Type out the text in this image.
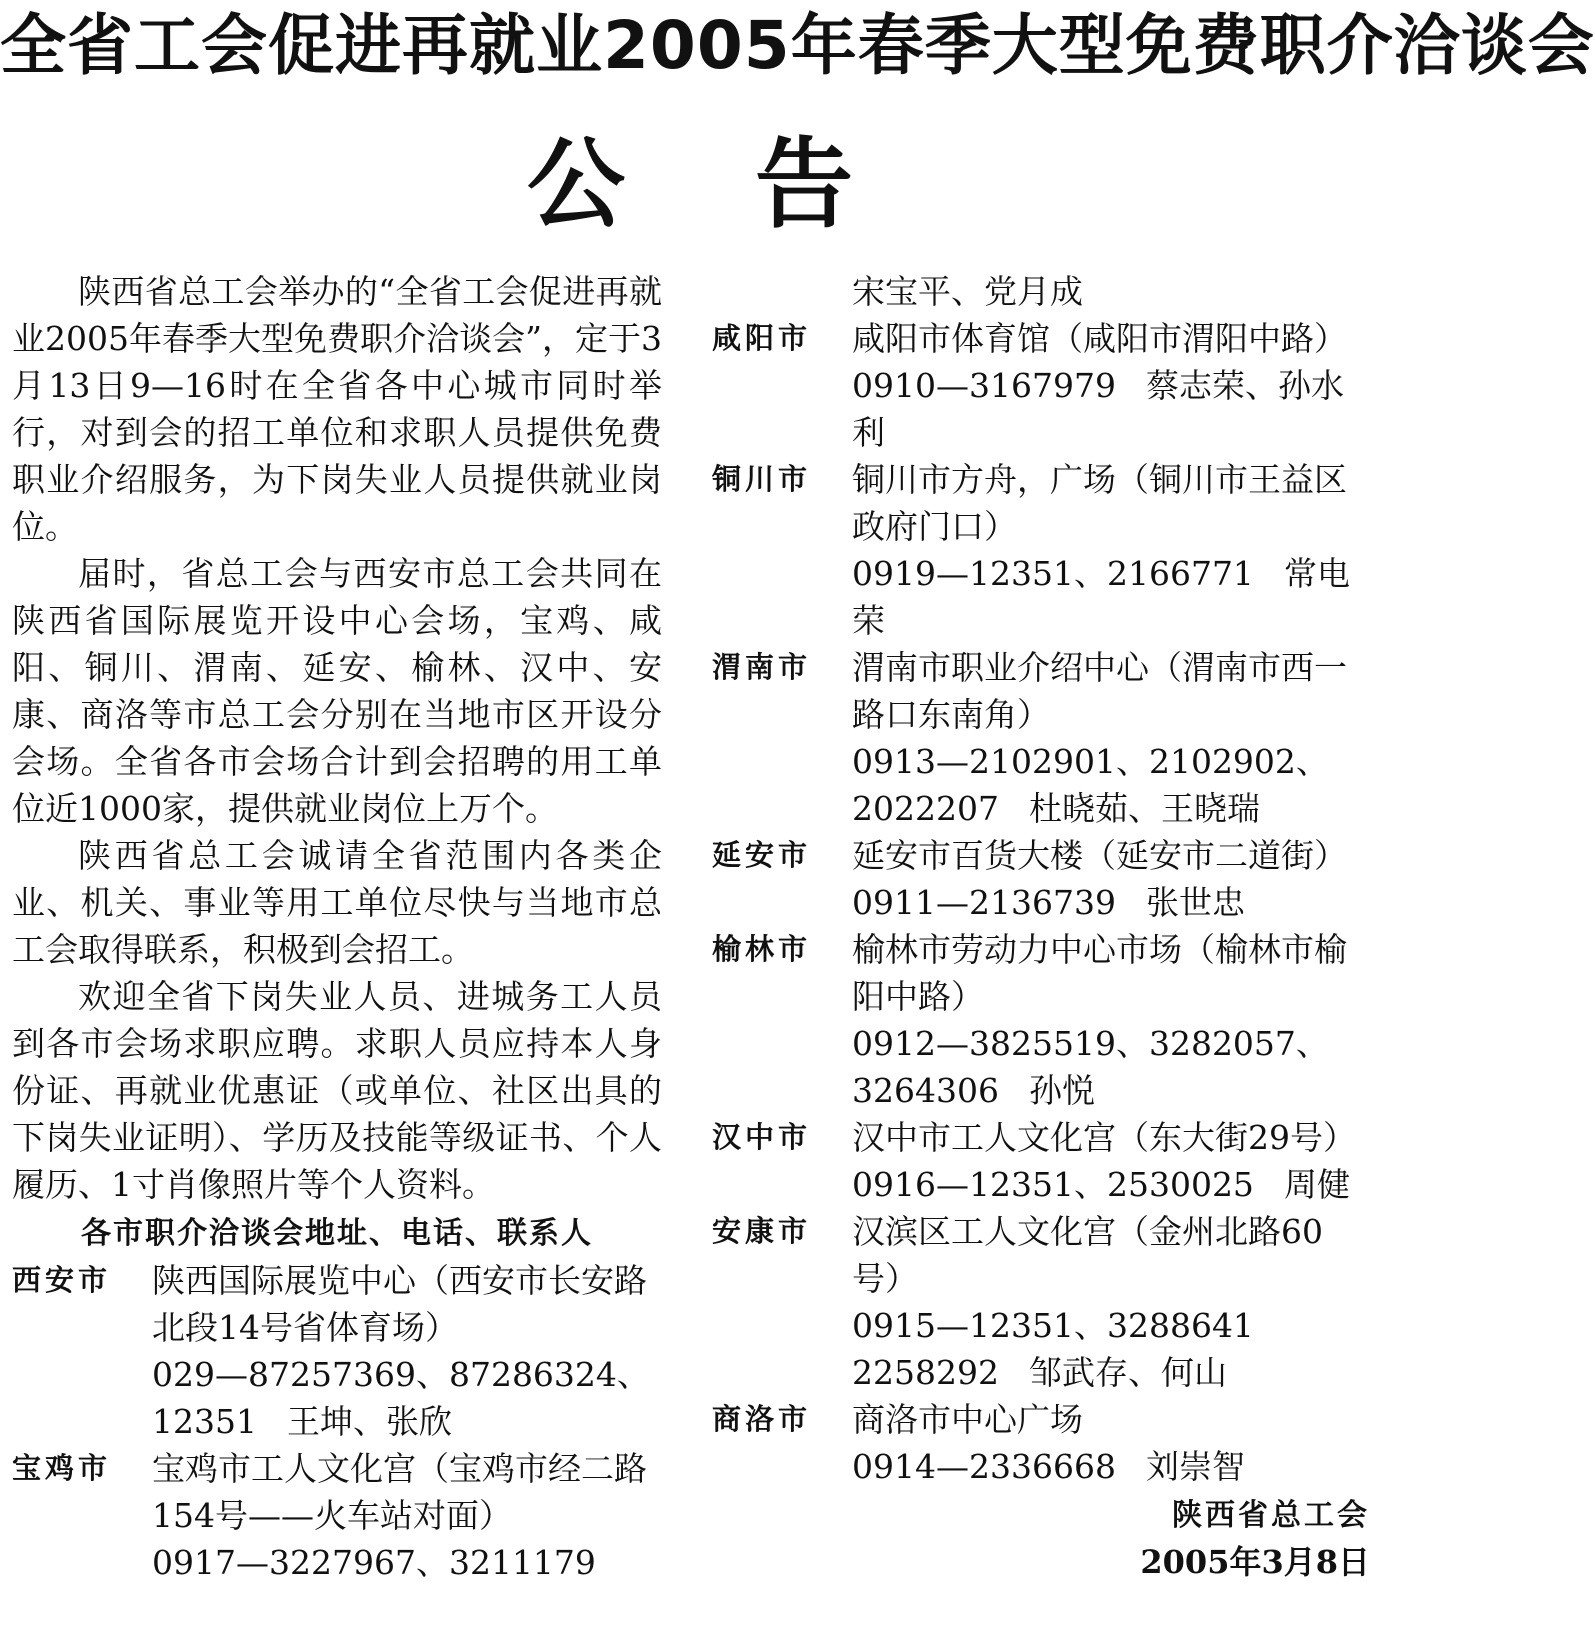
全省工会促进再就业2005年春季大型免费职介洽谈会
公告

陕西省总工会举办的“全省工会促进再就业2005年春季大型免费职介洽谈会”，定于3月13日9—16时在全省各中心城市同时举行，对到会的招工单位和求职人员提供免费职业介绍服务，为下岗失业人员提供就业岗位。

届时，省总工会与西安市总工会共同在陕西省国际展览开设中心会场，宝鸡、咸阳、铜川、渭南、延安、榆林、汉中、安康、商洛等市总工会分别在当地市区开设分会场。全省各市会场合计到会招聘的用工单位近1000家，提供就业岗位上万个。

陕西省总工会诚请全省范围内各类企业、机关、事业等用工单位尽快与当地市总工会取得联系，积极到会招工。

欢迎全省下岗失业人员、进城务工人员到各市会场求职应聘。求职人员应持本人身份证、再就业优惠证（或单位、社区出具的下岗失业证明）、学历及技能等级证书、个人履历、1寸肖像照片等个人资料。

各市职介洽谈会地址、电话、联系人
西安市	陕西国际展览中心（西安市长安路北段14号省体育场）
029—87257369、87286324、12351 王坤、张欣
宝鸡市	宝鸡市工人文化宫（宝鸡市经二路154号——火车站对面）
0917—3227967、3211179
宋宝平、党月成
咸阳市	咸阳市体育馆（咸阳市渭阳中路）
0910—3167979 蔡志荣、孙水利
铜川市	铜川市方舟，广场（铜川市王益区政府门口）
0919—12351、2166771 常电荣
渭南市	渭南市职业介绍中心（渭南市西一路口东南角）
0913—2102901、2102902、2022207 杜晓茹、王晓瑞
延安市	延安市百货大楼（延安市二道街）
0911—2136739 张世忠
榆林市	榆林市劳动力中心市场（榆林市榆阳中路）
0912—3825519、3282057、3264306 孙悦
汉中市	汉中市工人文化宫（东大街29号）
0916—12351、2530025 周健
安康市	汉滨区工人文化宫（金州北路60号）
0915—12351、3288641 2258292 邹武存、何山
商洛市	商洛市中心广场
0914—2336668 刘崇智
陕西省总工会
2005年3月8日
